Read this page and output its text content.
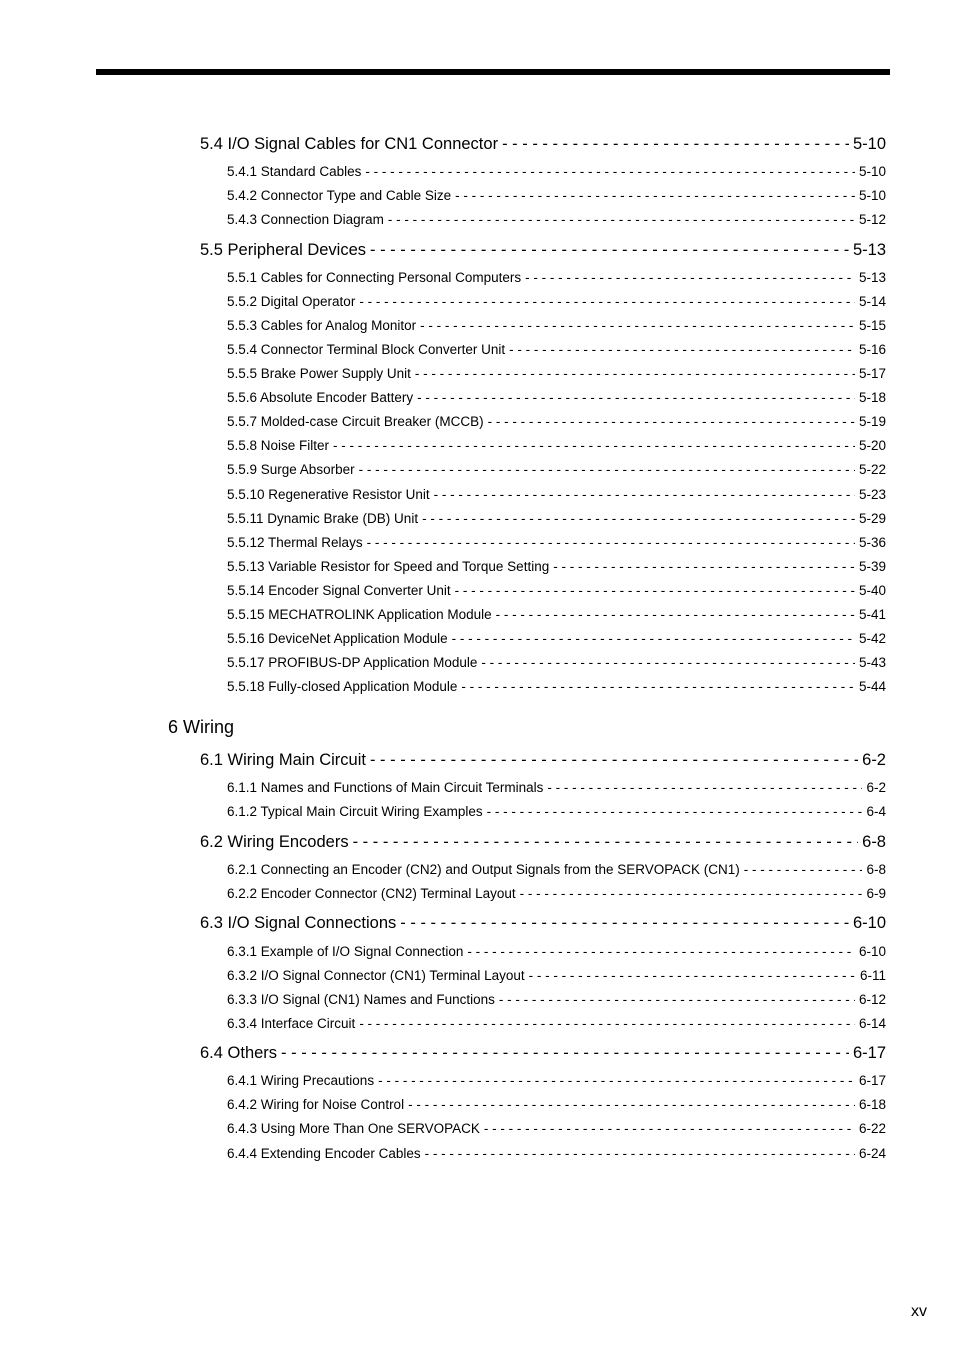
6 Wiring
5.4 I/O Signal Cables for CN1 Connector - - -	5-10
5.4.1 Standard Cables - - -	5-10
5.4.2 Connector Type and Cable Size - - -	5-10
5.4.3 Connection Diagram - - -	5-12
5.5 Peripheral Devices - - -	5-13
5.5.1 Cables for Connecting Personal Computers - - -	5-13
5.5.2 Digital Operator - - -	5-14
5.5.3 Cables for Analog Monitor - - -	5-15
5.5.4 Connector Terminal Block Converter Unit - - -	5-16
5.5.5 Brake Power Supply Unit - - -	5-17
5.5.6 Absolute Encoder Battery - - -	5-18
5.5.7 Molded-case Circuit Breaker (MCCB) - - -	5-19
5.5.8 Noise Filter - - -	5-20
5.5.9 Surge Absorber - - -	5-22
5.5.10 Regenerative Resistor Unit - - -	5-23
5.5.11 Dynamic Brake (DB) Unit - - -	5-29
5.5.12 Thermal Relays - - -	5-36
5.5.13 Variable Resistor for Speed and Torque Setting - - -	5-39
5.5.14 Encoder Signal Converter Unit - - -	5-40
5.5.15 MECHATROLINK Application Module - - -	5-41
5.5.16 DeviceNet Application Module - - -	5-42
5.5.17 PROFIBUS-DP Application Module - - -	5-43
5.5.18 Fully-closed Application Module - - -	5-44
6.1 Wiring Main Circuit - - -	6-2
6.1.1 Names and Functions of Main Circuit Terminals - - -	6-2
6.1.2 Typical Main Circuit Wiring Examples - - -	6-4
6.2 Wiring Encoders - - -	6-8
6.2.1 Connecting an Encoder (CN2) and Output Signals from the SERVOPACK (CN1) - - -	6-8
6.2.2 Encoder Connector (CN2) Terminal Layout - - -	6-9
6.3 I/O Signal Connections - - -	6-10
6.3.1 Example of I/O Signal Connection - - -	6-10
6.3.2 I/O Signal Connector (CN1) Terminal Layout - - -	6-11
6.3.3 I/O Signal (CN1) Names and Functions - - -	6-12
6.3.4 Interface Circuit - - -	6-14
6.4 Others - - -	6-17
6.4.1 Wiring Precautions - - -	6-17
6.4.2 Wiring for Noise Control - - -	6-18
6.4.3 Using More Than One SERVOPACK - - -	6-22
6.4.4 Extending Encoder Cables - - -	6-24
xv
